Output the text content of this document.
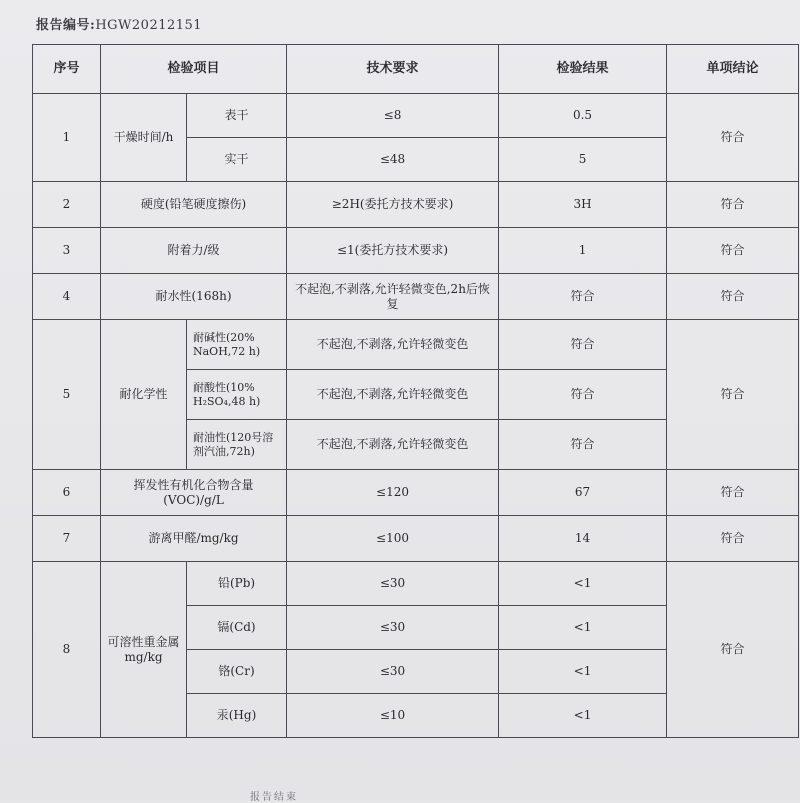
报告编号:HGW20212151
序号	检验项目		技术要求	检验结果	单项结论
1	干燥时间/h	表干	≤8	0.5	符合
		实干	≤48	5	
2	硬度(铅笔硬度擦伤)		≥2H(委托方技术要求)	3H	符合
3	附着力/级		≤1(委托方技术要求)	1	符合
4	耐水性(168h)		不起泡,不剥落,允许轻微变色,2h后恢复	符合	符合
5	耐化学性	耐碱性(20% NaOH,72 h)	不起泡,不剥落,允许轻微变色	符合	符合
		耐酸性(10% H₂SO₄,48 h)	不起泡,不剥落,允许轻微变色	符合	
		耐油性(120号溶剂汽油,72h)	不起泡,不剥落,允许轻微变色	符合	
6	挥发性有机化合物含量(VOC)/g/L		≤120	67	符合
7	游离甲醛/mg/kg		≤100	14	符合
8	可溶性重金属mg/kg	铅(Pb)	≤30	<1	符合
		镉(Cd)	≤30	<1	
		铬(Cr)	≤30	<1	
		汞(Hg)	≤10	<1	
报告结束
